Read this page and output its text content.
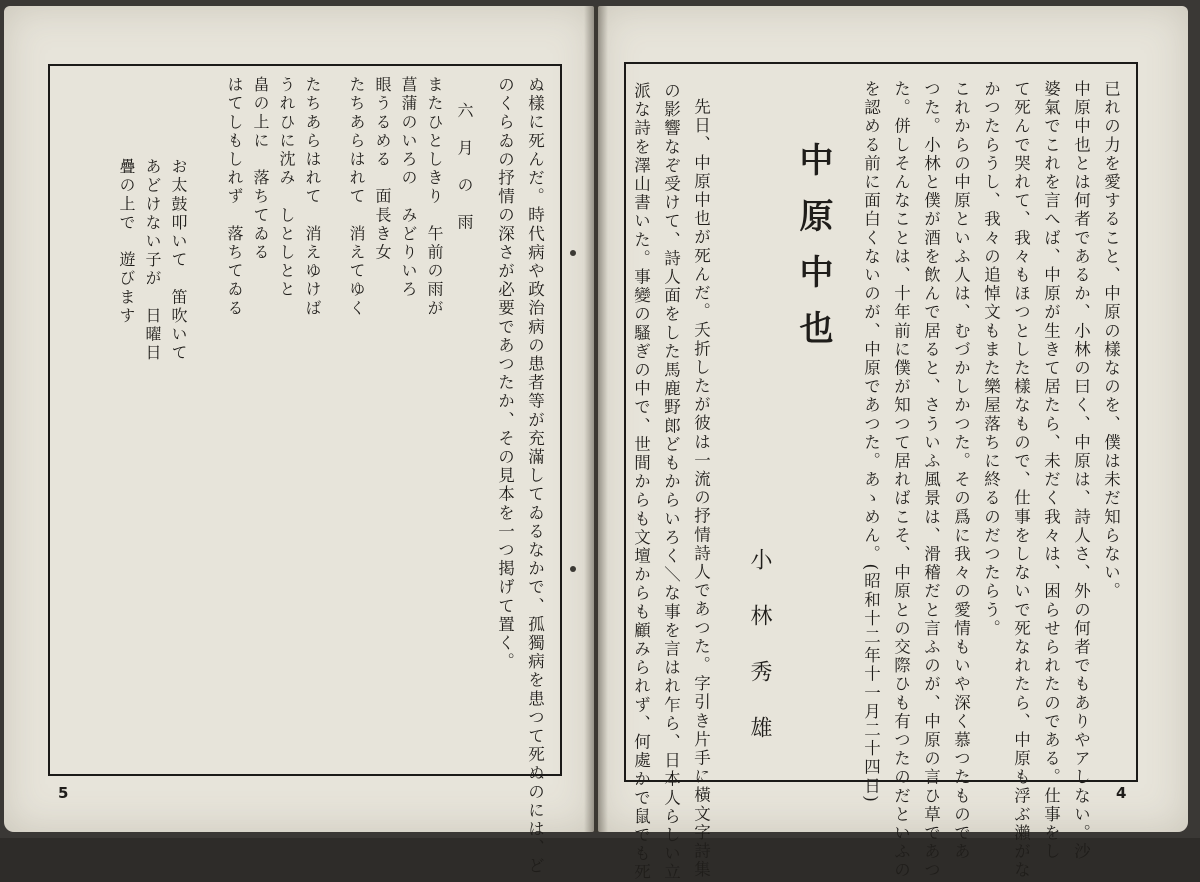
ぬ樣に死んだ。時代病や政治病の患者等が充滿してゐるなかで、孤獨病を患つて死ぬのには、ど
のくらゐの抒情の深さが必要であつたか、その見本を一つ掲げて置く。
六　月　の　雨
またひとしきり　午前の雨が
菖蒲のいろの　みどりいろ
眼うるめる　面長き女
たちあらはれて　消えてゆく
たちあらはれて　消えゆけば
うれひに沈み　しとしとと
畠の上に　落ちてゐる
はてしもしれず　落ちてゐる
お太鼓叩いて　笛吹いて
あどけない子が　日曜日
疊の上で　遊びます
5
已れの力を愛すること、中原の樣なのを、僕は未だ知らない。
中原中也とは何者であるか、小林の曰く、中原は、詩人さ、外の何者でもありやアしない。沙
婆氣でこれを言へば、中原が生きて居たら、未だく我々は、困らせられたのである。仕事をし
て死んで哭れて、我々もほつとした樣なもので、仕事をしないで死なれたら、中原も浮ぶ瀨がな
かつたらうし、我々の追悼文もまた樂屋落ちに終るのだつたらう。
これからの中原といふ人は、むづかしかつた。その爲に我々の愛情もいや深く慕つたものであ
つた。小林と僕が酒を飲んで居ると、さういふ風景は、滑稽だと言ふのが、中原の言ひ草であつ
た。併しそんなことは、十年前に僕が知つて居ればこそ、中原との交際ひも有つたのだといふの
を認める前に面白くないのが、中原であつた。あゝめん。(昭和十二年十一月二十四日)
中原中也
小林秀雄
先日、中原中也が死んだ。夭折したが彼は一流の抒情詩人であつた。字引き片手に橫文字詩集
の影響なぞ受けて、詩人面をした馬鹿野郎どもからいろく＼な事を言はれ乍ら、日本人らしい立
派な詩を澤山書いた。事變の騷ぎの中で、世間からも文壇からも顧みられず、何處かで鼠でも死	4
